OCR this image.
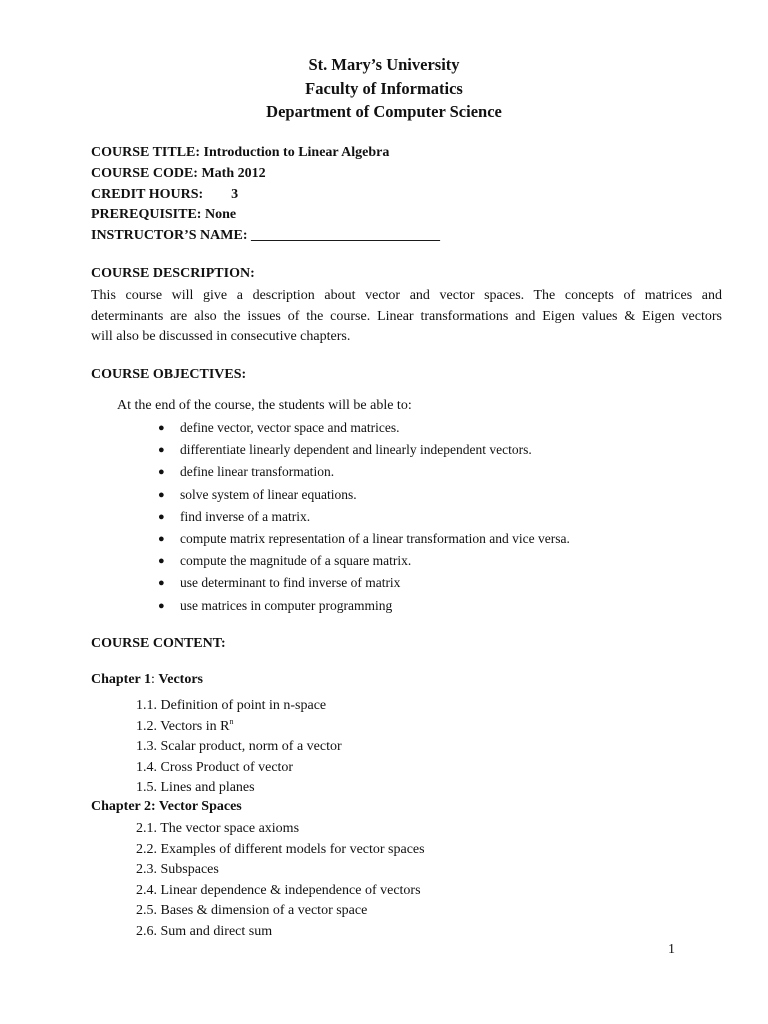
St. Mary’s University
Faculty of Informatics
Department of Computer Science
COURSE TITLE: Introduction to Linear Algebra
COURSE CODE: Math 2012
CREDIT HOURS: 3
PREREQUISITE: None
INSTRUCTOR’S NAME: ___________________________
COURSE DESCRIPTION:
This course will give a description about vector and vector spaces. The concepts of matrices and
determinants are also the issues of the course. Linear transformations and Eigen values & Eigen vectors
will also be discussed in consecutive chapters.
COURSE OBJECTIVES:
At the end of the course, the students will be able to:
● define vector, vector space and matrices.
● differentiate linearly dependent and linearly independent vectors.
● define linear transformation.
● solve system of linear equations.
● find inverse of a matrix.
● compute matrix representation of a linear transformation and vice versa.
● compute the magnitude of a square matrix.
● use determinant to find inverse of matrix
● use matrices in computer programming
COURSE CONTENT:
Chapter 1: Vectors
1.1. Definition of point in n-space
1.2. Vectors in $R^n$
1.3. Scalar product, norm of a vector
1.4. Cross Product of vector
1.5. Lines and planes
Chapter 2: Vector Spaces
2.1. The vector space axioms
2.2. Examples of different models for vector spaces
2.3. Subspaces
2.4. Linear dependence & independence of vectors
2.5. Bases & dimension of a vector space
2.6. Sum and direct sum
1
